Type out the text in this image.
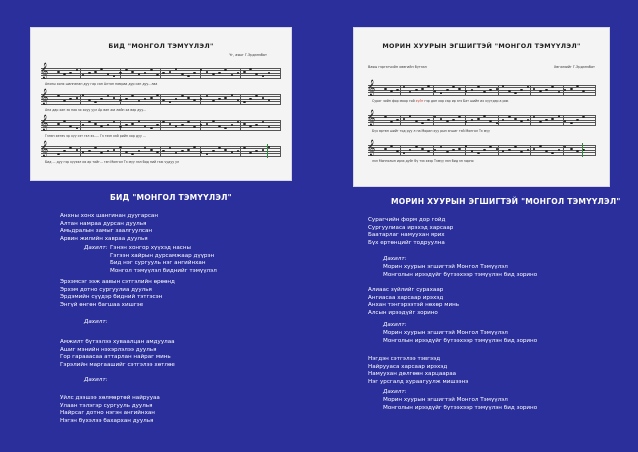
БИД "МОНГОЛ ТЭМҮҮЛЭЛ"
Үг, аяыг Г.Эрдэнэбат
𝄞
Анхны хонх шангинан дуу гар сан Алтан намраа дур сан дуу...лаа
𝄞
Ана дар хан за наа эх хоуу уул Ар ван жи лийн ха вар дуу...
𝄞
Гэнэн хөтөч эр хүү сэт гэл ээ..... Гэ гээн хэй рийн хор дуу ...
𝄞
Бид ... дуу гэр хүүхэл их ар тайг... гэн Монгол Тэ мүү лэл бид ний гэж чудуу ул
МОРИН ХУУРЫН ЭГШИГТЭЙ "МОНГОЛ ТЭМҮҮЛЭЛ"
Ваяы гэргэгчийн хөөгийн бүтээл	Хөгжмийг Г.Эрдэнэбат
𝄞
Сураг чийн фор моор гой хүйт гэр дан хар сар ир эгэ Бат шийн их хүүгдэр а рик
𝄞
Бүх өртөн шийг тод руу л на Морин хуу рын эгшиг тэй Монгол Тэ мүү
𝄞
лэл Монголын ирээ дүйг бү тээ хээр Тэмүү лэн бид эн зорно
БИД "МОНГОЛ ТЭМҮҮЛЭЛ"
Анхны хонх шангинан дуугарсан
Алтан намраа дурсан дуулья
Амьдралын замыг заалгуулсан
Арвин жилийн хавраа дуулья
Дахилт: Гэнэн хонгор хүүхэд насны
Гэгээн хайрын дурсамжаар дүүрэн
Бид нэг сургууль нэг ангийнхан
Монгол тэмүүлэл биднийг тэмүүлэл
Эрхэмсэг ээж аавын сэтгэлийн өрөөнд
Эрхэм дотно сургуулиа дуулья
Эрдэмийн сүүдэр бидний тэтгэсэн
Энгүй өнгөн багшаа хишгэе
Дахилт:
Амжилт бүтээлээ хуваалцан амдуулаа
Ашиг мэнийн нэхэрлэлээ дуулья
Гор гарааасаа аттарлан найраг минь
Гэрэлийн маргаашийг сэтгэлээ хөтлөе
Дахилт:
Уйлс дээшээ хөлмөртөй найрууаа
Улаан тэлэгэр сургууль дуулья
Найрсаг дотно нэгэн ангийнхан
Нэгэн бүхэлээ бахархан дуулья
МОРИН ХУУРЫН ЭГШИГТЭЙ "МОНГОЛ ТЭМҮҮЛЭЛ"
Сурагчийн форм дор гойд
Сургуулиаса ирэхэд харсаар
Баатарлаг намуухан ярих
Бүх ертөнцийг тодруулна
Дахилт:
Морин хуурын эгшигтэй Монгол Тэмүүлэл
Монголын ирээдүйг бүтээхээр тэмүүлэн бид зорино
Алиаас зүйлийг сурахаар
Ангиасаа харсаар ирэхэд
Анхан тэнгэрээтэй нөхөр минь
Алсын ирээдүйг зорино
Дахилт:
Морин хуурын эгшигтэй Монгол Тэмүүлэл
Монголын ирээдүйг бүтээхээр тэмүүлэн бид зорино
Нэгдэн сэтгэлээ тэвгээд
Найрууаса харсаар ирэхэд
Намуухан дөлгөөн харцаараа
Нэг урсгалд хураагуулж мишээнэ
Дахилт:
Морин хуурын эгшигтэй Монгол Тэмүүлэл
Монголын ирээдүйг бүтээхээр тэмүүлэн бид зорино
